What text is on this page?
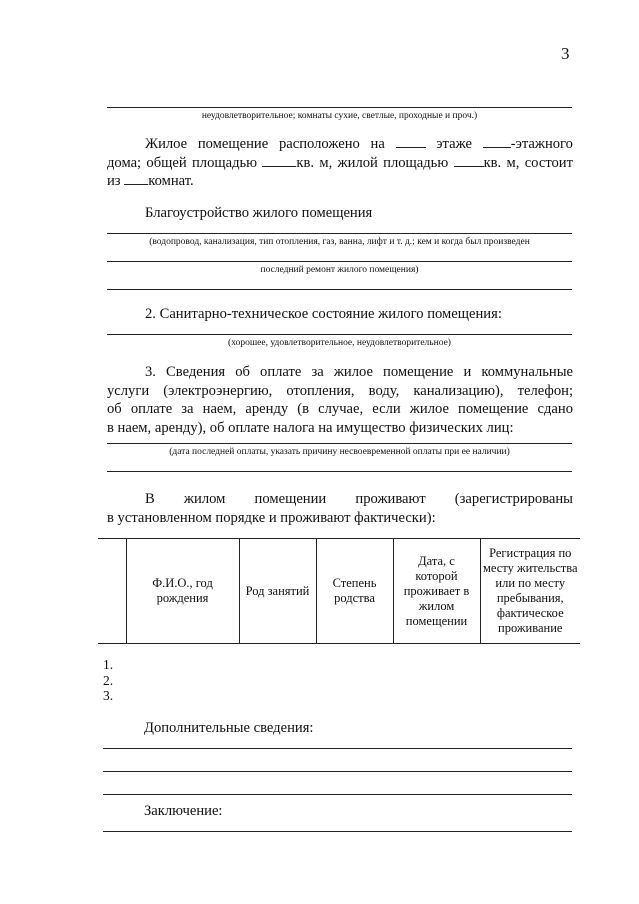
3
неудовлетворительное; комнаты сухие, светлые, проходные и проч.)
Жилое помещение расположено на	этаже	-этажного
дома; общей площадью	кв. м, жилой площадью кв. м, состоит
из комнат.
Благоустройство жилого помещения
(водопровод, канализация, тип отопления, газ, ванна, лифт и т. д.; кем и когда был произведен
последний ремонт жилого помещения)
2. Санитарно-техническое состояние жилого помещения:
(хорошее, удовлетворительное, неудовлетворительное)
3. Сведения об оплате за жилое помещение и коммунальные
услуги (электроэнергию, отопления, воду, канализацию), телефон;
об оплате за наем, аренду (в случае, если жилое помещение сдано
в наем, аренду), об оплате налога на имущество физических лиц:
(дата последней оплаты, указать причину несвоевременной оплаты при ее наличии)
В жилом помещении проживают (зарегистрированы
в установленном порядке и проживают фактически):
	Ф.И.О., год рождения	Род занятий	Степень родства	Дата, с которой проживает в жилом помещении	Регистрация по месту жительства или по месту пребывания, фактическое проживание
1.
2.
3.
Дополнительные сведения:
Заключение:
